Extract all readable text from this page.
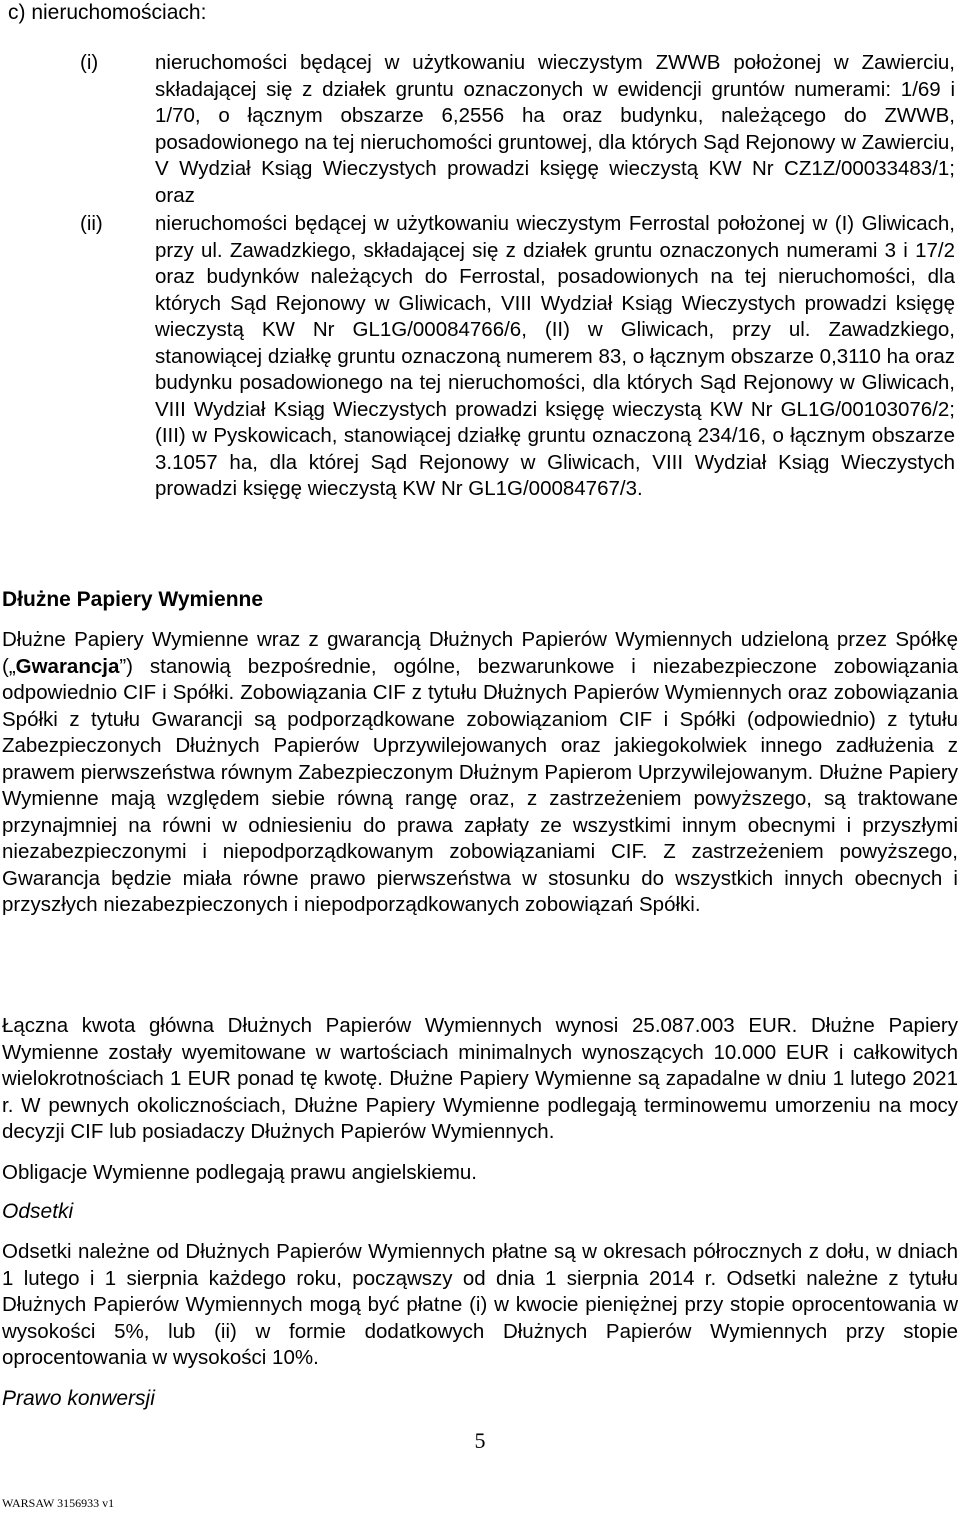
c) nieruchomościach:
(i)	nieruchomości będącej w użytkowaniu wieczystym ZWWB położonej w Zawierciu, składającej się z działek gruntu oznaczonych w ewidencji gruntów numerami: 1/69 i 1/70, o łącznym obszarze 6,2556 ha oraz budynku, należącego do ZWWB, posadowionego na tej nieruchomości gruntowej, dla których Sąd Rejonowy w Zawierciu, V Wydział Ksiąg Wieczystych prowadzi księgę wieczystą KW Nr CZ1Z/00033483/1; oraz
(ii)	nieruchomości będącej w użytkowaniu wieczystym Ferrostal położonej w (I) Gliwicach, przy ul. Zawadzkiego, składającej się z działek gruntu oznaczonych numerami 3 i 17/2 oraz budynków należących do Ferrostal, posadowionych na tej nieruchomości, dla których Sąd Rejonowy w Gliwicach, VIII Wydział Ksiąg Wieczystych prowadzi księgę wieczystą KW Nr GL1G/00084766/6, (II) w Gliwicach, przy ul. Zawadzkiego, stanowiącej działkę gruntu oznaczoną numerem 83, o łącznym obszarze 0,3110 ha oraz budynku posadowionego na tej nieruchomości, dla których Sąd Rejonowy w Gliwicach, VIII Wydział Ksiąg Wieczystych prowadzi księgę wieczystą KW Nr GL1G/00103076/2; (III) w Pyskowicach, stanowiącej działkę gruntu oznaczoną 234/16, o łącznym obszarze 3.1057 ha, dla której Sąd Rejonowy w Gliwicach, VIII Wydział Ksiąg Wieczystych prowadzi księgę wieczystą KW Nr GL1G/00084767/3.
Dłużne Papiery Wymienne
Dłużne Papiery Wymienne wraz z gwarancją Dłużnych Papierów Wymiennych udzieloną przez Spółkę („Gwarancja”) stanowią bezpośrednie, ogólne, bezwarunkowe i niezabezpieczone zobowiązania odpowiednio CIF i Spółki. Zobowiązania CIF z tytułu Dłużnych Papierów Wymiennych oraz zobowiązania Spółki z tytułu Gwarancji są podporządkowane zobowiązaniom CIF i Spółki (odpowiednio) z tytułu Zabezpieczonych Dłużnych Papierów Uprzywilejowanych oraz jakiegokolwiek innego zadłużenia z prawem pierwszeństwa równym Zabezpieczonym Dłużnym Papierom Uprzywilejowanym. Dłużne Papiery Wymienne mają względem siebie równą rangę oraz, z zastrzeżeniem powyższego, są traktowane przynajmniej na równi w odniesieniu do prawa zapłaty ze wszystkimi innym obecnymi i przyszłymi niezabezpieczonymi i niepodporządkowanym zobowiązaniami CIF. Z zastrzeżeniem powyższego, Gwarancja będzie miała równe prawo pierwszeństwa w stosunku do wszystkich innych obecnych i przyszłych niezabezpieczonych i niepodporządkowanych zobowiązań Spółki.
Łączna kwota główna Dłużnych Papierów Wymiennych wynosi 25.087.003 EUR. Dłużne Papiery Wymienne zostały wyemitowane w wartościach minimalnych wynoszących 10.000 EUR i całkowitych wielokrotnościach 1 EUR ponad tę kwotę. Dłużne Papiery Wymienne są zapadalne w dniu 1 lutego 2021 r. W pewnych okolicznościach, Dłużne Papiery Wymienne podlegają terminowemu umorzeniu na mocy decyzji CIF lub posiadaczy Dłużnych Papierów Wymiennych.
Obligacje Wymienne podlegają prawu angielskiemu.
Odsetki
Odsetki należne od Dłużnych Papierów Wymiennych płatne są w okresach półrocznych z dołu, w dniach 1 lutego i 1 sierpnia każdego roku, począwszy od dnia 1 sierpnia 2014 r. Odsetki należne z tytułu Dłużnych Papierów Wymiennych mogą być płatne (i) w kwocie pieniężnej przy stopie oprocentowania w wysokości 5%, lub (ii) w formie dodatkowych Dłużnych Papierów Wymiennych przy stopie oprocentowania w wysokości 10%.
Prawo konwersji
5
WARSAW 3156933 v1
